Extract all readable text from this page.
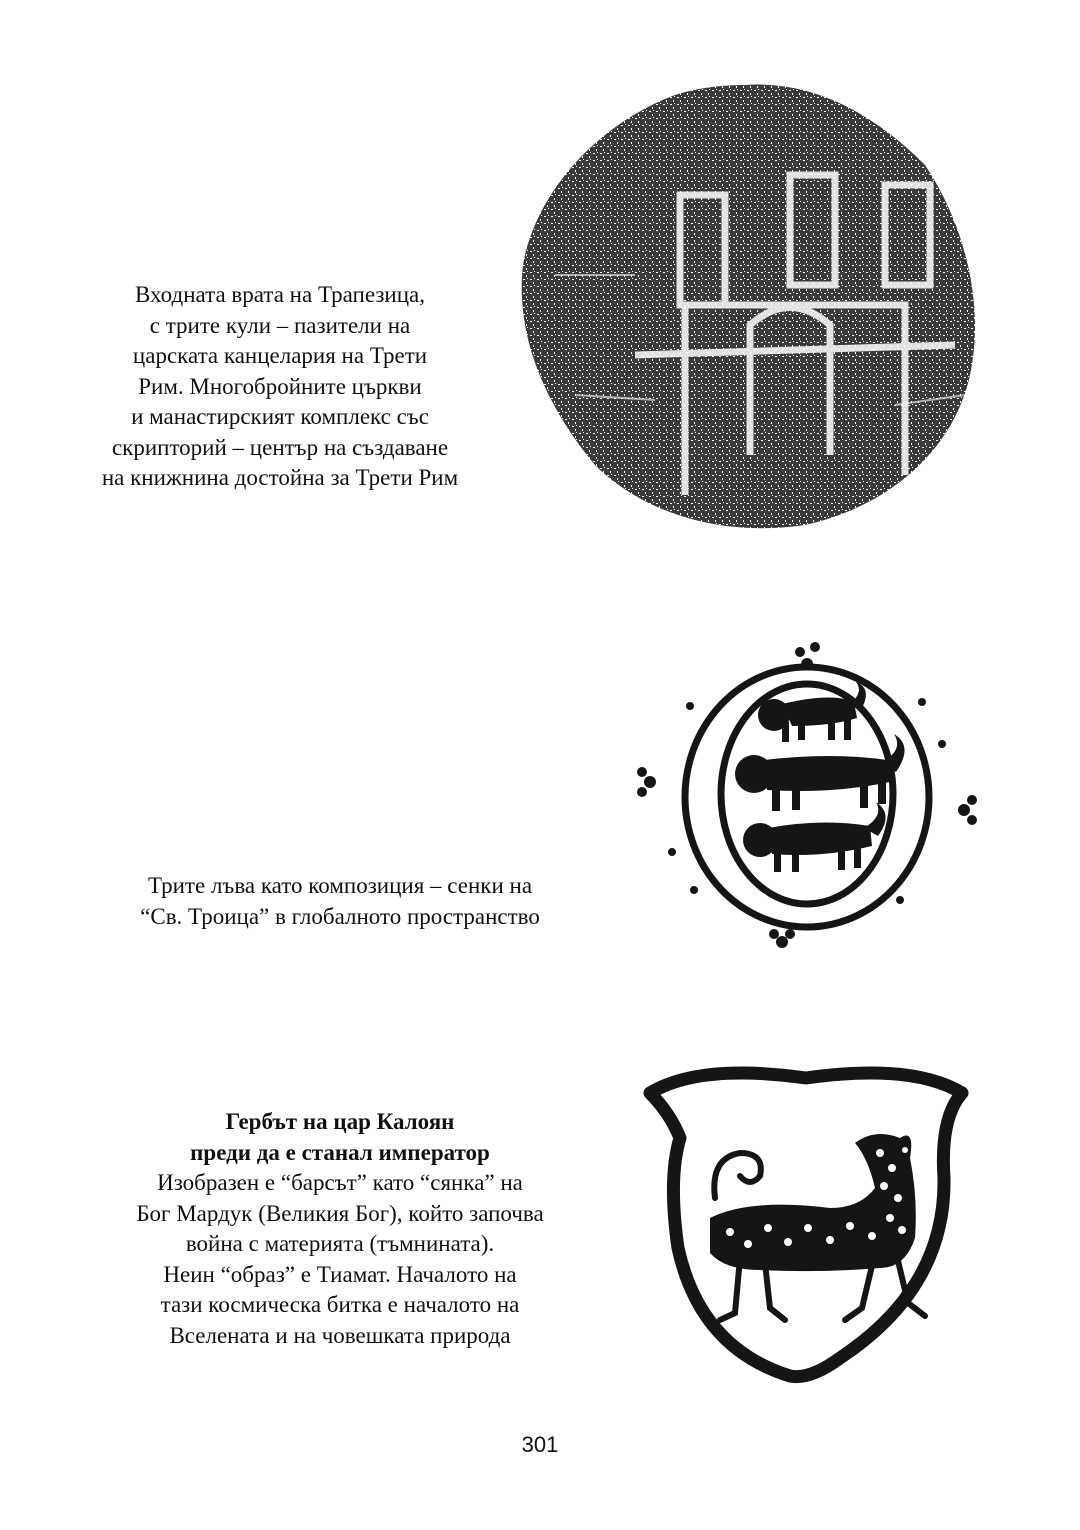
Входната врата на Трапезица,
с трите кули – пазители на
царската канцелария на Трети
Рим. Многобройните църкви
и манастирският комплекс със
скрипторий – център на създаване
на книжнина достойна за Трети Рим
Трите лъва като композиция – сенки на
“Св. Троица” в глобалното пространство
Гербът на цар Калоян
преди да е станал император
Изобразен е “барсът” като “сянка” на
Бог Мардук (Великия Бог), който започва
война с материята (тъмнината).
Неин “образ” е Тиамат. Началото на
тази космическа битка е началото на
Вселената и на човешката природа
301
